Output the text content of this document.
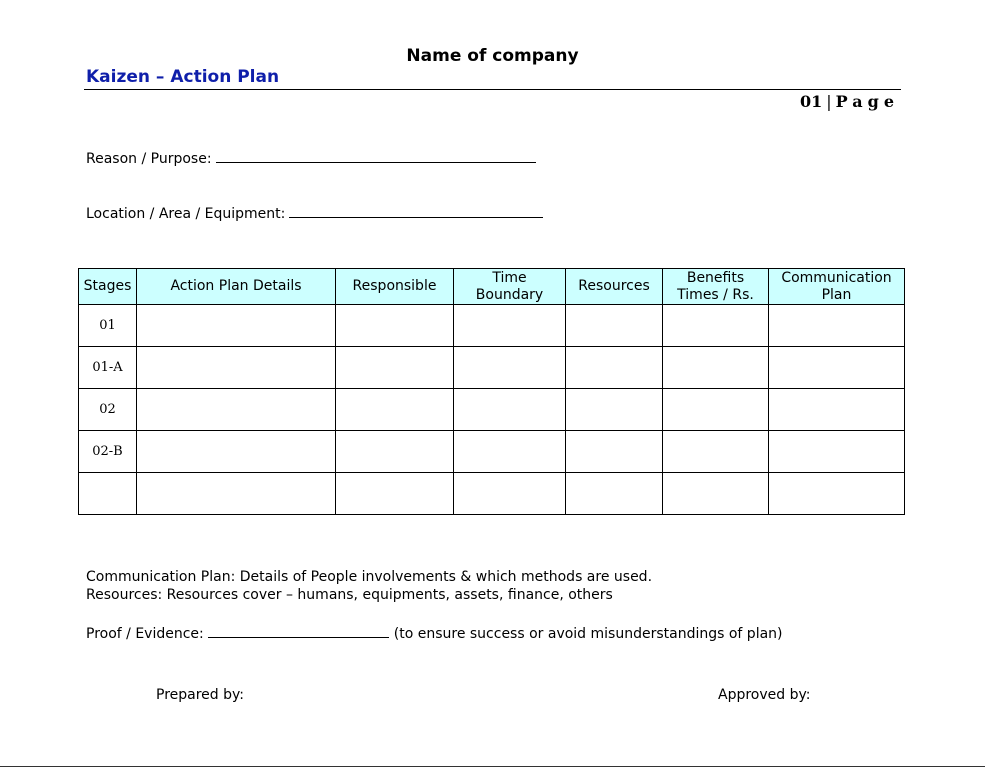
Name of company
Kaizen – Action Plan
01 | Page
Reason / Purpose:
Location / Area / Equipment:
Stages	Action Plan Details	Responsible	Time Boundary	Resources	Benefits Times / Rs.	Communication Plan
01						
01-A						
02						
02-B						

Communication Plan: Details of People involvements & which methods are used.
Resources: Resources cover – humans, equipments, assets, finance, others
Proof / Evidence:	(to ensure success or avoid misunderstandings of plan)
Prepared by:	Approved by:
